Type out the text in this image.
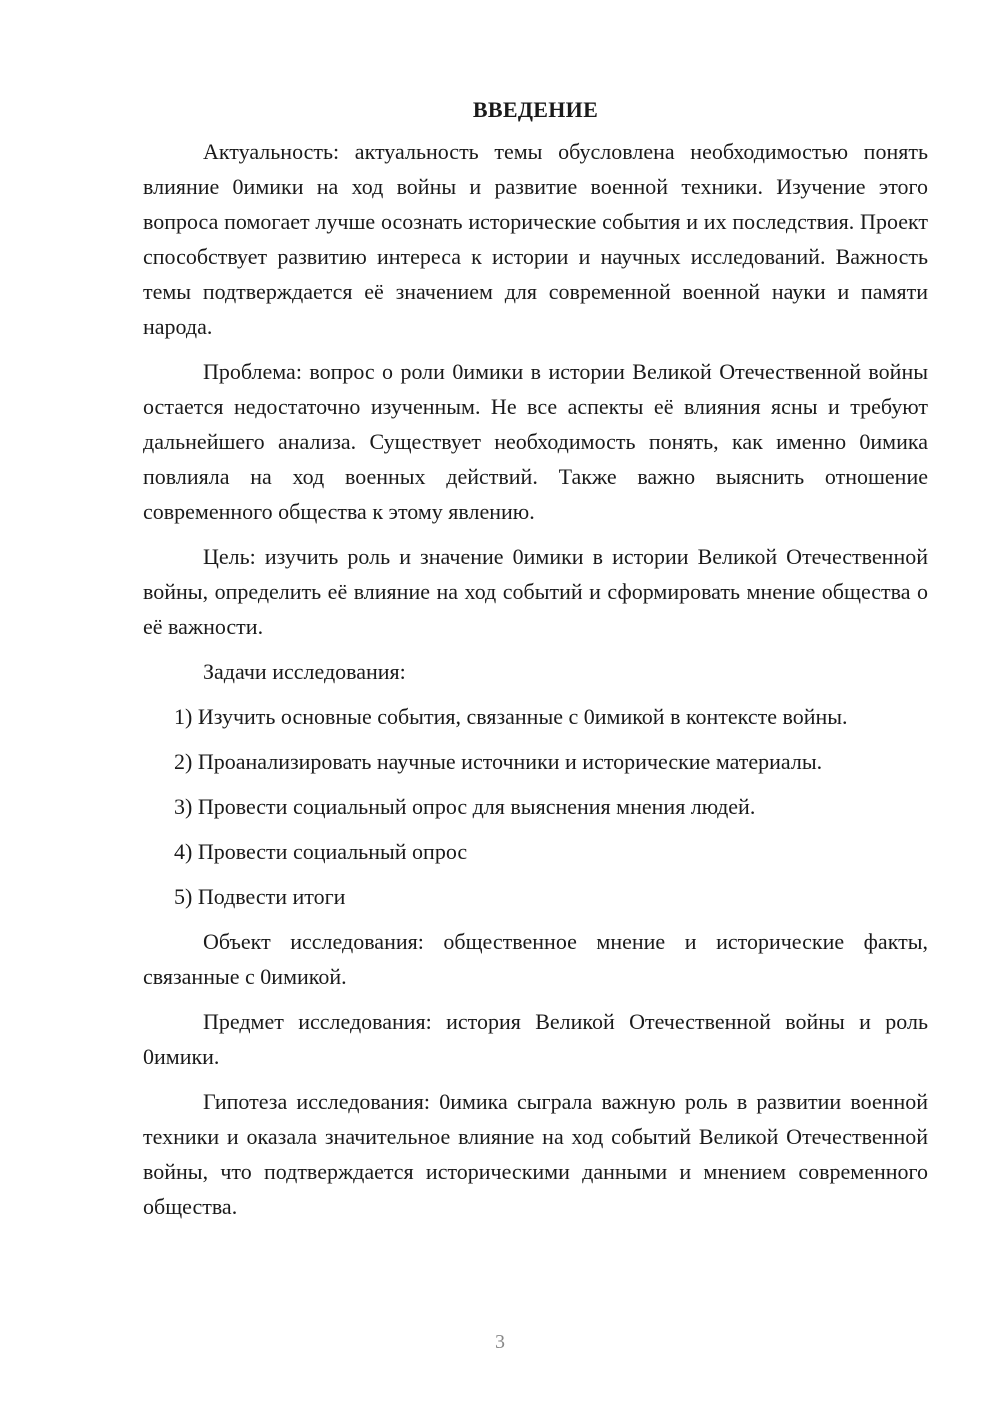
ВВЕДЕНИЕ

Актуальность: актуальность темы обусловлена необходимостью понять влияние 0имики на ход войны и развитие военной техники. Изучение этого вопроса помогает лучше осознать исторические события и их последствия. Проект способствует развитию интереса к истории и научных исследований. Важность темы подтверждается её значением для современной военной науки и памяти народа.

Проблема: вопрос о роли 0имики в истории Великой Отечественной войны остается недостаточно изученным. Не все аспекты её влияния ясны и требуют дальнейшего анализа. Существует необходимость понять, как именно 0имика повлияла на ход военных действий. Также важно выяснить отношение современного общества к этому явлению.

Цель: изучить роль и значение 0имики в истории Великой Отечественной войны, определить её влияние на ход событий и сформировать мнение общества о её важности.

Задачи исследования:

1) Изучить основные события, связанные с 0имикой в контексте войны.

2) Проанализировать научные источники и исторические материалы.

3) Провести социальный опрос для выяснения мнения людей.

4) Провести социальный опрос

5) Подвести итоги

Объект исследования: общественное мнение и исторические факты, связанные с 0имикой.

Предмет исследования: история Великой Отечественной войны и роль 0имики.

Гипотеза исследования: 0имика сыграла важную роль в развитии военной техники и оказала значительное влияние на ход событий Великой Отечественной войны, что подтверждается историческими данными и мнением современного общества.

3
